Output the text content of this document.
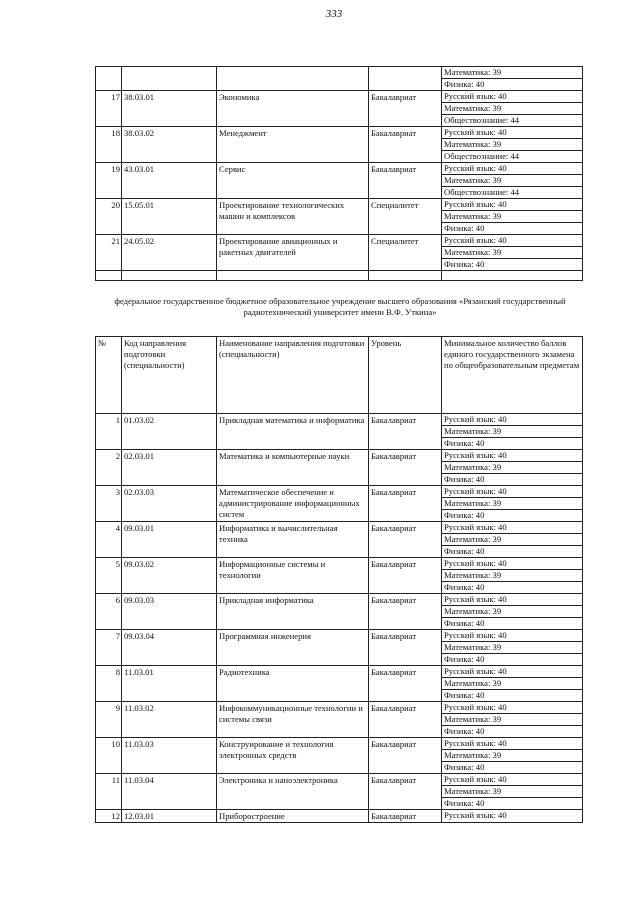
333
				Математика: 39
				Физика: 40
17	38.03.01	Экономика	Бакалавриат	Русский язык: 40
				Математика: 39
				Обществознание: 44
18	38.03.02	Менеджмент	Бакалавриат	Русский язык: 40
				Математика: 39
				Обществознание: 44
19	43.03.01	Сервис	Бакалавриат	Русский язык: 40
				Математика: 39
				Обществознание: 44
20	15.05.01	Проектирование технологических машин и комплексов	Специалитет	Русский язык: 40
				Математика: 39
				Физика: 40
21	24.05.02	Проектирование авиационных и ракетных двигателей	Специалитет	Русский язык: 40
				Математика: 39
				Физика: 40

федеральное государственное бюджетное образовательное учреждение высшего образования «Рязанский государственный радиотехнический университет имени В.Ф. Уткина»
№	Код направления подготовки (специальности)	Наименование направления подготовки (специальности)	Уровень	Минимальное количество баллов единого государственного экзамена по общеобразовательным предметам
1	01.03.02	Прикладная математика и информатика	Бакалавриат	Русский язык: 40
				Математика: 39
				Физика: 40
2	02.03.01	Математика и компьютерные науки	Бакалавриат	Русский язык: 40
				Математика: 39
				Физика: 40
3	02.03.03	Математическое обеспечение и администрирование информационных систем	Бакалавриат	Русский язык: 40
				Математика: 39
				Физика: 40
4	09.03.01	Информатика и вычислительная техника	Бакалавриат	Русский язык: 40
				Математика: 39
				Физика: 40
5	09.03.02	Информационные системы и технологии	Бакалавриат	Русский язык: 40
				Математика: 39
				Физика: 40
6	09.03.03	Прикладная информатика	Бакалавриат	Русский язык: 40
				Математика: 39
				Физика: 40
7	09.03.04	Программная инженерия	Бакалавриат	Русский язык: 40
				Математика: 39
				Физика: 40
8	11.03.01	Радиотехника	Бакалавриат	Русский язык: 40
				Математика: 39
				Физика: 40
9	11.03.02	Инфокоммуникационные технологии и системы связи	Бакалавриат	Русский язык: 40
				Математика: 39
				Физика: 40
10	11.03.03	Конструирование и технология электронных средств	Бакалавриат	Русский язык: 40
				Математика: 39
				Физика: 40
11	11.03.04	Электроника и наноэлектроника	Бакалавриат	Русский язык: 40
				Математика: 39
				Физика: 40
12	12.03.01	Приборостроение	Бакалавриат	Русский язык: 40
